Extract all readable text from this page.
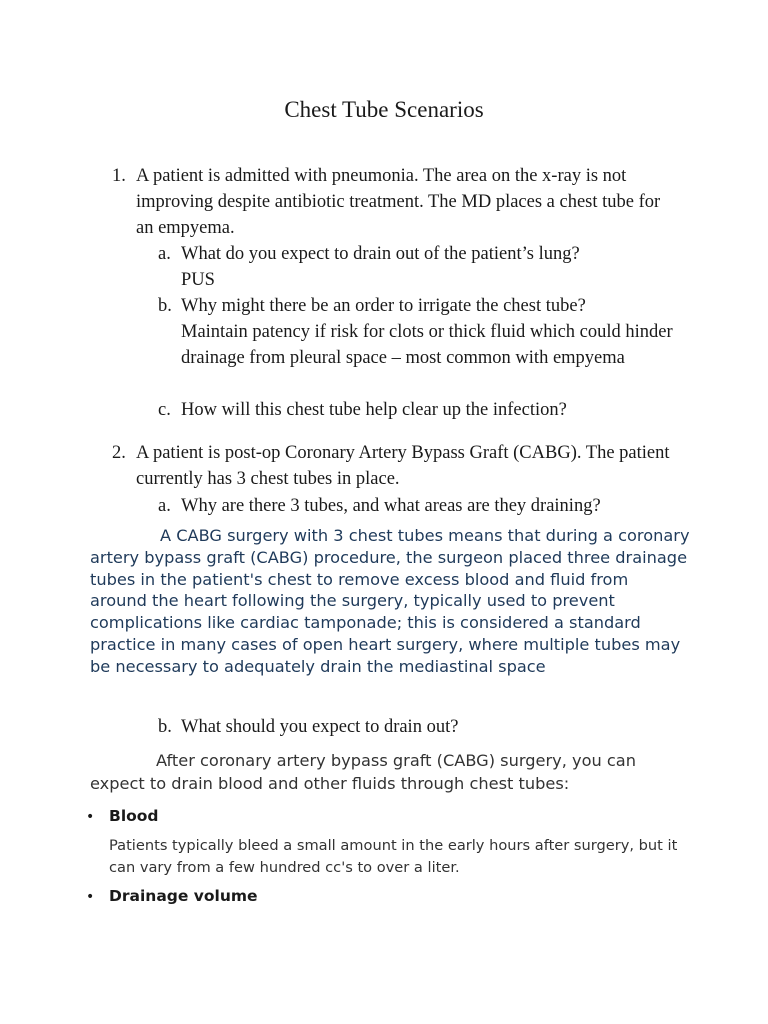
Chest Tube Scenarios
1. A patient is admitted with pneumonia. The area on the x-ray is not improving despite antibiotic treatment. The MD places a chest tube for an empyema.
a. What do you expect to drain out of the patient’s lung?
PUS
b. Why might there be an order to irrigate the chest tube?
Maintain patency if risk for clots or thick fluid which could hinder drainage from pleural space – most common with empyema
c. How will this chest tube help clear up the infection?
2. A patient is post-op Coronary Artery Bypass Graft (CABG). The patient currently has 3 chest tubes in place.
a. Why are there 3 tubes, and what areas are they draining?
A CABG surgery with 3 chest tubes means that during a coronary artery bypass graft (CABG) procedure, the surgeon placed three drainage tubes in the patient's chest to remove excess blood and fluid from around the heart following the surgery, typically used to prevent complications like cardiac tamponade; this is considered a standard practice in many cases of open heart surgery, where multiple tubes may be necessary to adequately drain the mediastinal space
b. What should you expect to drain out?
After coronary artery bypass graft (CABG) surgery, you can expect to drain blood and other fluids through chest tubes:
• Blood
Patients typically bleed a small amount in the early hours after surgery, but it can vary from a few hundred cc's to over a liter.
• Drainage volume
